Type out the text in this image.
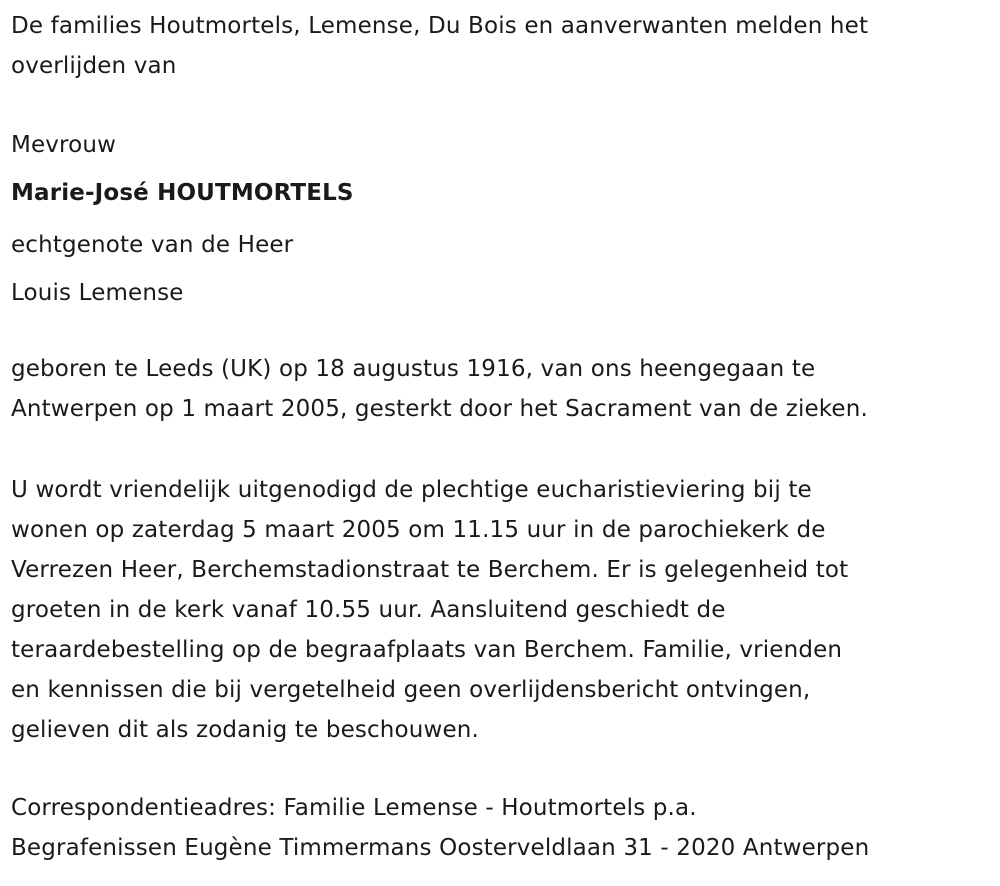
De families Houtmortels, Lemense, Du Bois en aanverwanten melden het
overlijden van

Mevrouw

Marie-José HOUTMORTELS

echtgenote van de Heer
Louis Lemense

geboren te Leeds (UK) op 18 augustus 1916, van ons heengegaan te
Antwerpen op 1 maart 2005, gesterkt door het Sacrament van de zieken.

U wordt vriendelijk uitgenodigd de plechtige eucharistieviering bij te
wonen op zaterdag 5 maart 2005 om 11.15 uur in de parochiekerk de
Verrezen Heer, Berchemstadionstraat te Berchem. Er is gelegenheid tot
groeten in de kerk vanaf 10.55 uur. Aansluitend geschiedt de
teraardebestelling op de begraafplaats van Berchem. Familie, vrienden
en kennissen die bij vergetelheid geen overlijdensbericht ontvingen,
gelieven dit als zodanig te beschouwen.

Correspondentieadres: Familie Lemense - Houtmortels p.a.
Begrafenissen Eugène Timmermans Oosterveldlaan 31 - 2020 Antwerpen
